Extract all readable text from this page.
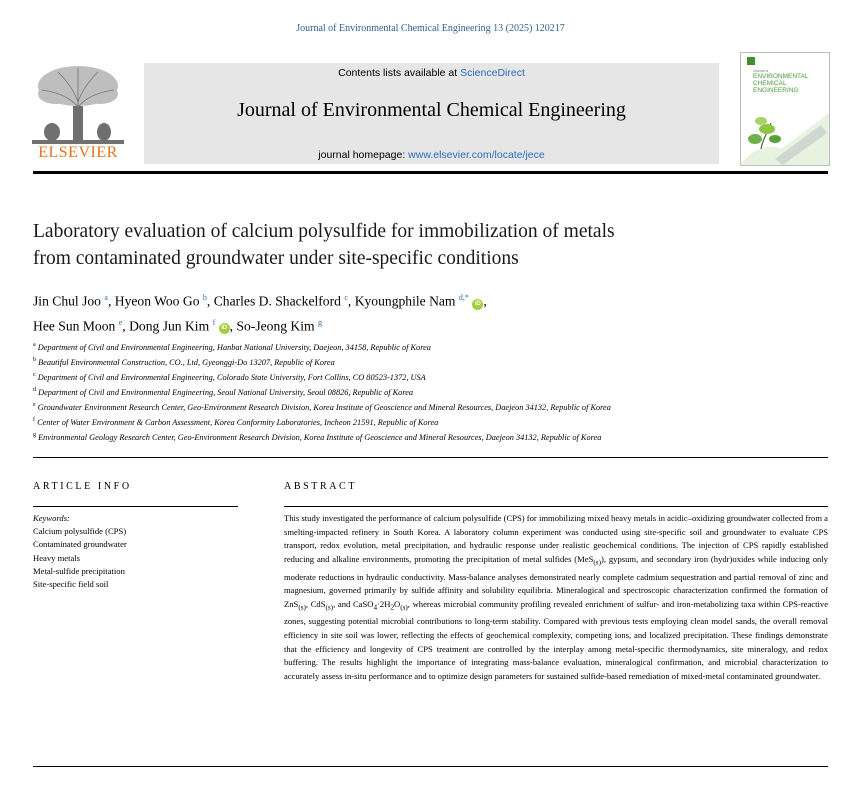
Journal of Environmental Chemical Engineering 13 (2025) 120217
ELSEVIER
Contents lists available at ScienceDirect
Journal of Environmental Chemical Engineering
journal homepage: www.elsevier.com/locate/jece
Journal of
ENVIRONMENTAL
CHEMICAL
ENGINEERING
Laboratory evaluation of calcium polysulfide for immobilization of metals
from contaminated groundwater under site-specific conditions
Jin Chul Joo $^a$, Hyeon Woo Go $^b$, Charles D. Shackelford $^c$, Kyoungphile Nam $^{d,*}$ iD ,
Hee Sun Moon $^e$, Dong Jun Kim $^f$ iD , So-Jeong Kim $^g$
$^a$ Department of Civil and Environmental Engineering, Hanbat National University, Daejeon, 34158, Republic of Korea
$^b$ Beautiful Environmental Construction, CO., Ltd, Gyeonggi-Do 13207, Republic of Korea
$^c$ Department of Civil and Environmental Engineering, Colorado State University, Fort Collins, CO 80523-1372, USA
$^d$ Department of Civil and Environmental Engineering, Seoul National University, Seoul 08826, Republic of Korea
$^e$ Groundwater Environment Research Center, Geo-Environment Research Division, Korea Institute of Geoscience and Mineral Resources, Daejeon 34132, Republic of Korea
$^f$ Center of Water Environment & Carbon Assessment, Korea Conformity Laboratories, Incheon 21591, Republic of Korea
$^g$ Environmental Geology Research Center, Geo-Environment Research Division, Korea Institute of Geoscience and Mineral Resources, Daejeon 34132, Republic of Korea
ARTICLE INFO
Keywords:
Calcium polysulfide (CPS)
Contaminated groundwater
Heavy metals
Metal-sulfide precipitation
Site-specific field soil
ABSTRACT
This study investigated the performance of calcium polysulfide (CPS) for immobilizing mixed heavy metals in acidic–oxidizing groundwater collected from a smelting-impacted refinery in South Korea. A laboratory column experiment was conducted using site-specific soil and groundwater to evaluate CPS transport, redox evolution, metal precipitation, and hydraulic response under realistic geochemical conditions. The injection of CPS rapidly established reducing and alkaline environments, promoting the precipitation of metal sulfides (MeS$_{(s)}$), gypsum, and secondary iron (hydr)oxides while inducing only moderate reductions in hydraulic conductivity. Mass-balance analyses demonstrated nearly complete cadmium sequestration and partial removal of zinc and magnesium, governed primarily by sulfide affinity and solubility equilibria. Mineralogical and spectroscopic characterization confirmed the formation of ZnS$_{(s)}$, CdS$_{(s)}$, and $CaSO_4\cdot 2H_2O_{(s)}$, whereas microbial community profiling revealed enrichment of sulfur- and iron-metabolizing taxa within CPS-reactive zones, suggesting potential microbial contributions to long-term stability. Compared with previous tests employing clean model sands, the overall removal efficiency in site soil was lower, reflecting the effects of geochemical complexity, competing ions, and localized precipitation. These findings demonstrate that the efficiency and longevity of CPS treatment are controlled by the interplay among metal-specific thermodynamics, site mineralogy, and redox buffering. The results highlight the importance of integrating mass-balance evaluation, mineralogical confirmation, and microbial characterization to accurately assess in-situ performance and to optimize design parameters for sustained sulfide-based remediation of mixed-metal contaminated groundwater.
